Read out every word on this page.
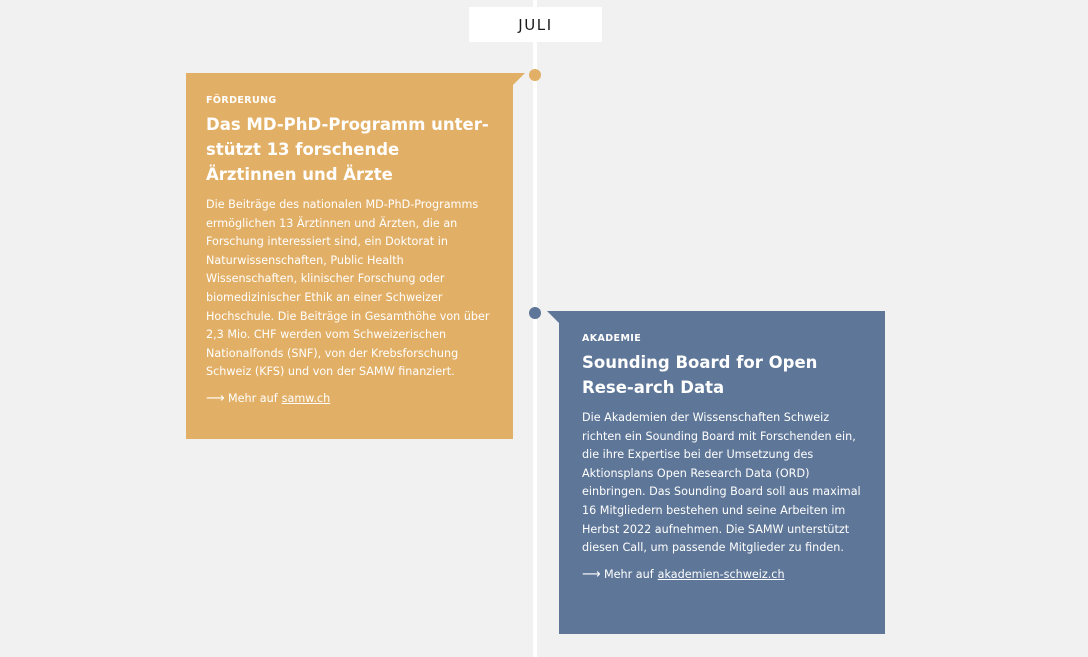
JULI
FÖRDERUNG
Das MD-PhD-Programm unter-stützt 13 forschende Ärztinnen und Ärzte

Die Beiträge des nationalen MD-PhD-Programms ermöglichen 13 Ärztinnen und Ärzten, die an Forschung interessiert sind, ein Doktorat in Naturwissenschaften, Public Health Wissenschaften, klinischer Forschung oder biomedizinischer Ethik an einer Schweizer Hochschule. Die Beiträge in Gesamthöhe von über 2,3 Mio. CHF werden vom Schweizerischen Nationalfonds (SNF), von der Krebsforschung Schweiz (KFS) und von der SAMW finanziert.

⟶ Mehr auf samw.ch
AKADEMIE
Sounding Board for Open Rese-arch Data

Die Akademien der Wissenschaften Schweiz richten ein Sounding Board mit Forschenden ein, die ihre Expertise bei der Umsetzung des Aktionsplans Open Research Data (ORD) einbringen. Das Sounding Board soll aus maximal 16 Mitgliedern bestehen und seine Arbeiten im Herbst 2022 aufnehmen. Die SAMW unterstützt diesen Call, um passende Mitglieder zu finden.

⟶ Mehr auf akademien-schweiz.ch
